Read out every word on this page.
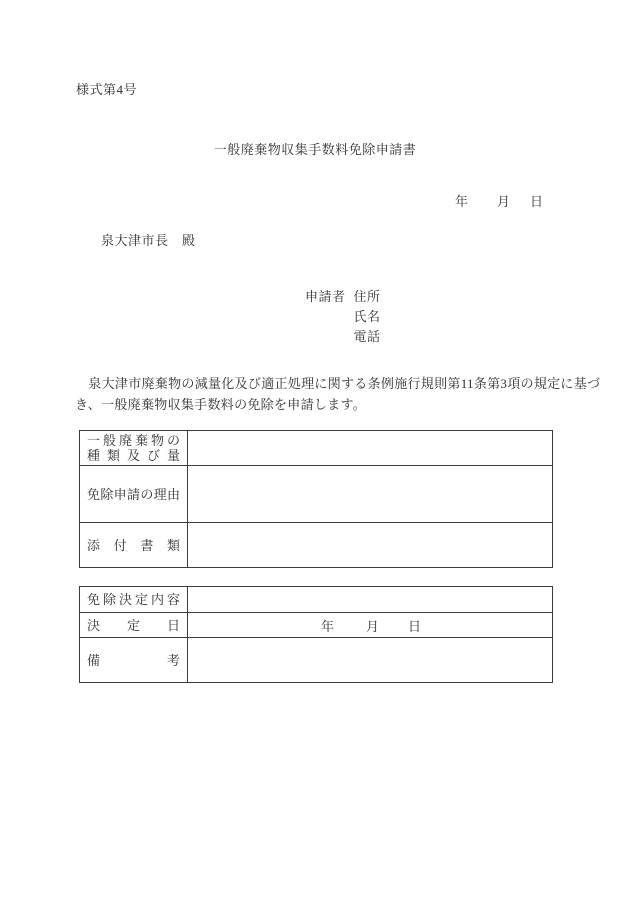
様式第4号
一般廃棄物収集手数料免除申請書
年 月 日
泉大津市長　殿
申請者 住所
氏名
電話
　泉大津市廃棄物の減量化及び適正処理に関する条例施行規則第11条第3項の規定に基づ
き、一般廃棄物収集手数料の免除を申請します。
一般廃棄物の
種類及び量
免除申請の理由
添付書類
免除決定内容
決定日	年 月 日
備考
